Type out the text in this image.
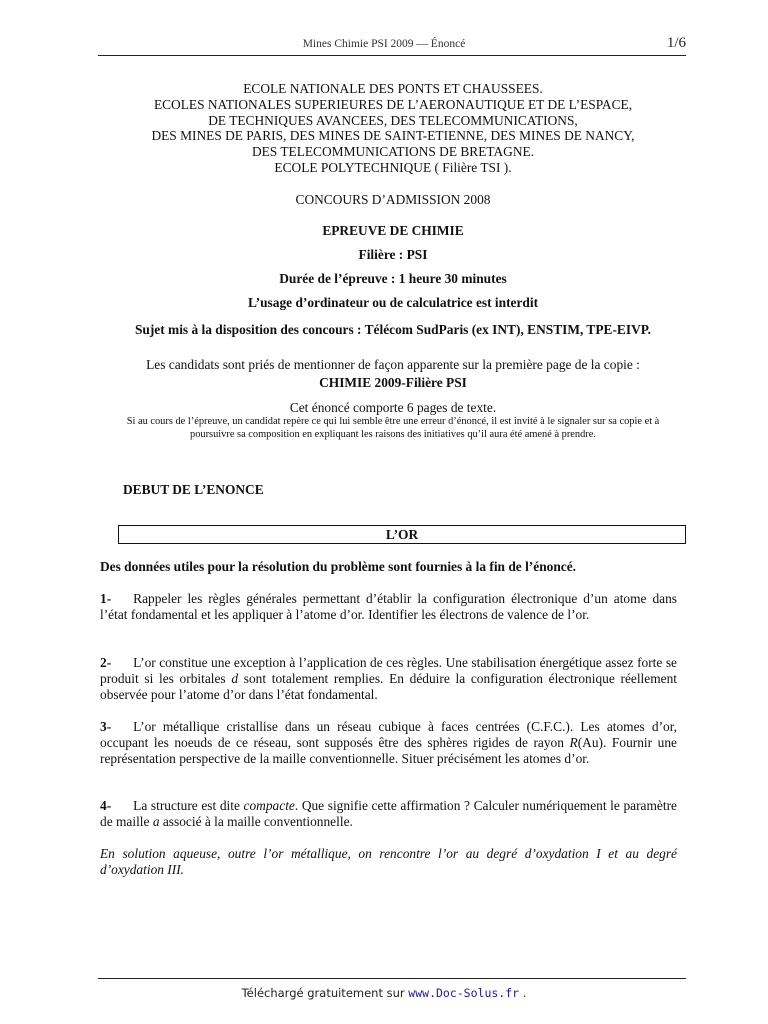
Mines Chimie PSI 2009 — Énoncé	1/6
ECOLE NATIONALE DES PONTS ET CHAUSSEES.
ECOLES NATIONALES SUPERIEURES DE L’AERONAUTIQUE ET DE L’ESPACE,
DE TECHNIQUES AVANCEES, DES TELECOMMUNICATIONS,
DES MINES DE PARIS, DES MINES DE SAINT-ETIENNE, DES MINES DE NANCY,
DES TELECOMMUNICATIONS DE BRETAGNE.
ECOLE POLYTECHNIQUE ( Filière TSI ).
CONCOURS D’ADMISSION 2008
EPREUVE DE CHIMIE
Filière : PSI
Durée de l’épreuve : 1 heure 30 minutes
L’usage d’ordinateur ou de calculatrice est interdit
Sujet mis à la disposition des concours : Télécom SudParis (ex INT), ENSTIM, TPE-EIVP.
Les candidats sont priés de mentionner de façon apparente sur la première page de la copie :
CHIMIE 2009-Filière PSI
Cet énoncé comporte 6 pages de texte.
Si au cours de l’épreuve, un candidat repère ce qui lui semble être une erreur d’énoncé, il est invité à le signaler sur sa copie et à poursuivre sa composition en expliquant les raisons des initiatives qu’il aura été amené à prendre.
DEBUT DE L’ENONCE
L’OR
Des données utiles pour la résolution du problème sont fournies à la fin de l’énoncé.
1- Rappeler les règles générales permettant d’établir la configuration électronique d’un atome dans l’état fondamental et les appliquer à l’atome d’or. Identifier les électrons de valence de l’or.
2- L’or constitue une exception à l’application de ces règles. Une stabilisation énergétique assez forte se produit si les orbitales d sont totalement remplies. En déduire la configuration électronique réellement observée pour l’atome d’or dans l’état fondamental.
3- L’or métallique cristallise dans un réseau cubique à faces centrées (C.F.C.). Les atomes d’or, occupant les noeuds de ce réseau, sont supposés être des sphères rigides de rayon R(Au). Fournir une représentation perspective de la maille conventionnelle. Situer précisément les atomes d’or.
4- La structure est dite compacte. Que signifie cette affirmation ? Calculer numériquement le paramètre de maille a associé à la maille conventionnelle.
En solution aqueuse, outre l’or métallique, on rencontre l’or au degré d’oxydation I et au degré d’oxydation III.
Téléchargé gratuitement sur www.Doc-Solus.fr .
